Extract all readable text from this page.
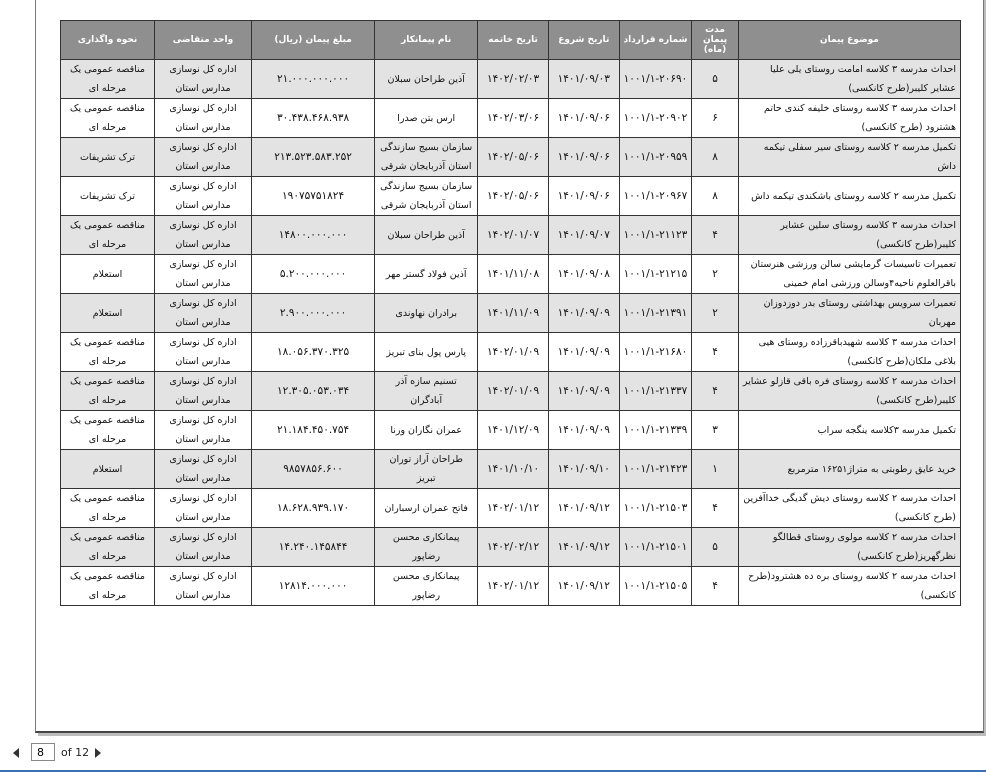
موضوع پیمان	مدت پیمان (ماه)	شماره قرارداد	تاریخ شروع	تاریخ خاتمه	نام پیمانکار	مبلغ پیمان (ریال)	واحد متقاضی	نحوه واگذاری
احداث مدرسه ۳ کلاسه امامت روستای یلی علیا عشایر کلیبر(طرح کانکسی)	۵	۱۰۰۱/۱-۲۰۶۹۰	۱۴۰۱/۰۹/۰۳	۱۴۰۲/۰۲/۰۳	آذین طراحان سبلان	۲۱.۰۰۰.۰۰۰.۰۰۰	اداره کل نوسازی مدارس استان	مناقصه عمومی یک مرحله ای
احداث مدرسه ۳ کلاسه روستای خلیفه کندی حاتم هشترود (طرح کانکسی)	۶	۱۰۰۱/۱-۲۰۹۰۲	۱۴۰۱/۰۹/۰۶	۱۴۰۲/۰۳/۰۶	ارس بتن صدرا	۳۰.۴۳۸.۴۶۸.۹۳۸	اداره کل نوسازی مدارس استان	مناقصه عمومی یک مرحله ای
تکمیل مدرسه ۲ کلاسه روستای سیر سفلی تیکمه داش	۸	۱۰۰۱/۱-۲۰۹۵۹	۱۴۰۱/۰۹/۰۶	۱۴۰۲/۰۵/۰۶	سازمان بسیج سازندگی استان آذربایجان شرقی	۲۱۳.۵۲۳.۵۸۳.۲۵۲	اداره کل نوسازی مدارس استان	ترک تشریفات
تکمیل مدرسه ۲ کلاسه روستای باشکندی تیکمه داش	۸	۱۰۰۱/۱-۲۰۹۶۷	۱۴۰۱/۰۹/۰۶	۱۴۰۲/۰۵/۰۶	سازمان بسیج سازندگی استان آذربایجان شرقی	۱۹۰۷۵۷۵۱۸۲۴	اداره کل نوسازی مدارس استان	ترک تشریفات
احداث مدرسه ۳ کلاسه روستای سلین عشایر کلیبر(طرح کانکسی)	۴	۱۰۰۱/۱-۲۱۱۲۳	۱۴۰۱/۰۹/۰۷	۱۴۰۲/۰۱/۰۷	آذین طراحان سبلان	۱۴۸۰۰.۰۰۰.۰۰۰	اداره کل نوسازی مدارس استان	مناقصه عمومی یک مرحله ای
تعمیرات تاسیسات گرمایشی سالن ورزشی هنرستان باقرالعلوم ناحیه۴وسالن ورزشی امام خمینی	۲	۱۰۰۱/۱-۲۱۲۱۵	۱۴۰۱/۰۹/۰۸	۱۴۰۱/۱۱/۰۸	آذین فولاد گستر مهر	۵.۲۰۰.۰۰۰.۰۰۰	اداره کل نوسازی مدارس استان	استعلام
تعمیرات سرویس بهداشتی روستای بدر دوزدوزان مهربان	۲	۱۰۰۱/۱-۲۱۳۹۱	۱۴۰۱/۰۹/۰۹	۱۴۰۱/۱۱/۰۹	برادران نهاوندی	۲.۹۰۰.۰۰۰.۰۰۰	اداره کل نوسازی مدارس استان	استعلام
احداث مدرسه ۳ کلاسه شهیدباقرزاده روستای هیی بلاغی ملکان(طرح کانکسی)	۴	۱۰۰۱/۱-۲۱۶۸۰	۱۴۰۱/۰۹/۰۹	۱۴۰۲/۰۱/۰۹	پارس پول بنای تبریز	۱۸.۰۵۶.۳۷۰.۳۲۵	اداره کل نوسازی مدارس استان	مناقصه عمومی یک مرحله ای
احداث مدرسه ۲ کلاسه روستای فره باقی قازلو عشایر کلیبر(طرح کانکسی)	۴	۱۰۰۱/۱-۲۱۳۳۷	۱۴۰۱/۰۹/۰۹	۱۴۰۲/۰۱/۰۹	تسنیم سازه آذر آبادگران	۱۲.۳۰۵.۰۵۳.۰۳۴	اداره کل نوسازی مدارس استان	مناقصه عمومی یک مرحله ای
تکمیل مدرسه ۳کلاسه ینگجه سراب	۳	۱۰۰۱/۱-۲۱۳۳۹	۱۴۰۱/۰۹/۰۹	۱۴۰۱/۱۲/۰۹	عمران نگاران ورنا	۲۱.۱۸۴.۴۵۰.۷۵۴	اداره کل نوسازی مدارس استان	مناقصه عمومی یک مرحله ای
خرید عایق رطوبتی به متراژ۱۶۲۵۱ مترمربع	۱	۱۰۰۱/۱-۲۱۴۲۳	۱۴۰۱/۰۹/۱۰	۱۴۰۱/۱۰/۱۰	طراحان آراز توران تبریز	۹۸۵۷۸۵۶.۶۰۰	اداره کل نوسازی مدارس استان	استعلام
احداث مدرسه ۲ کلاسه روستای دیش گدیگی خداآفرین (طرح کانکسی)	۴	۱۰۰۱/۱-۲۱۵۰۳	۱۴۰۱/۰۹/۱۲	۱۴۰۲/۰۱/۱۲	فاتح عمران ارسباران	۱۸.۶۲۸.۹۳۹.۱۷۰	اداره کل نوسازی مدارس استان	مناقصه عمومی یک مرحله ای
احداث مدرسه ۲ کلاسه مولوی روستای قطالگو نظرگهریز(طرح کانکسی)	۵	۱۰۰۱/۱-۲۱۵۰۱	۱۴۰۱/۰۹/۱۲	۱۴۰۲/۰۲/۱۲	پیمانکاری محسن رضاپور	۱۴.۲۴۰.۱۴۵۸۴۴	اداره کل نوسازی مدارس استان	مناقصه عمومی یک مرحله ای
احداث مدرسه ۲ کلاسه روستای بره ده هشترود(طرح کانکسی)	۴	۱۰۰۱/۱-۲۱۵۰۵	۱۴۰۱/۰۹/۱۲	۱۴۰۲/۰۱/۱۲	پیمانکاری محسن رضاپور	۱۲۸۱۴.۰۰۰.۰۰۰	اداره کل نوسازی مدارس استان	مناقصه عمومی یک مرحله ای
8
of 12
